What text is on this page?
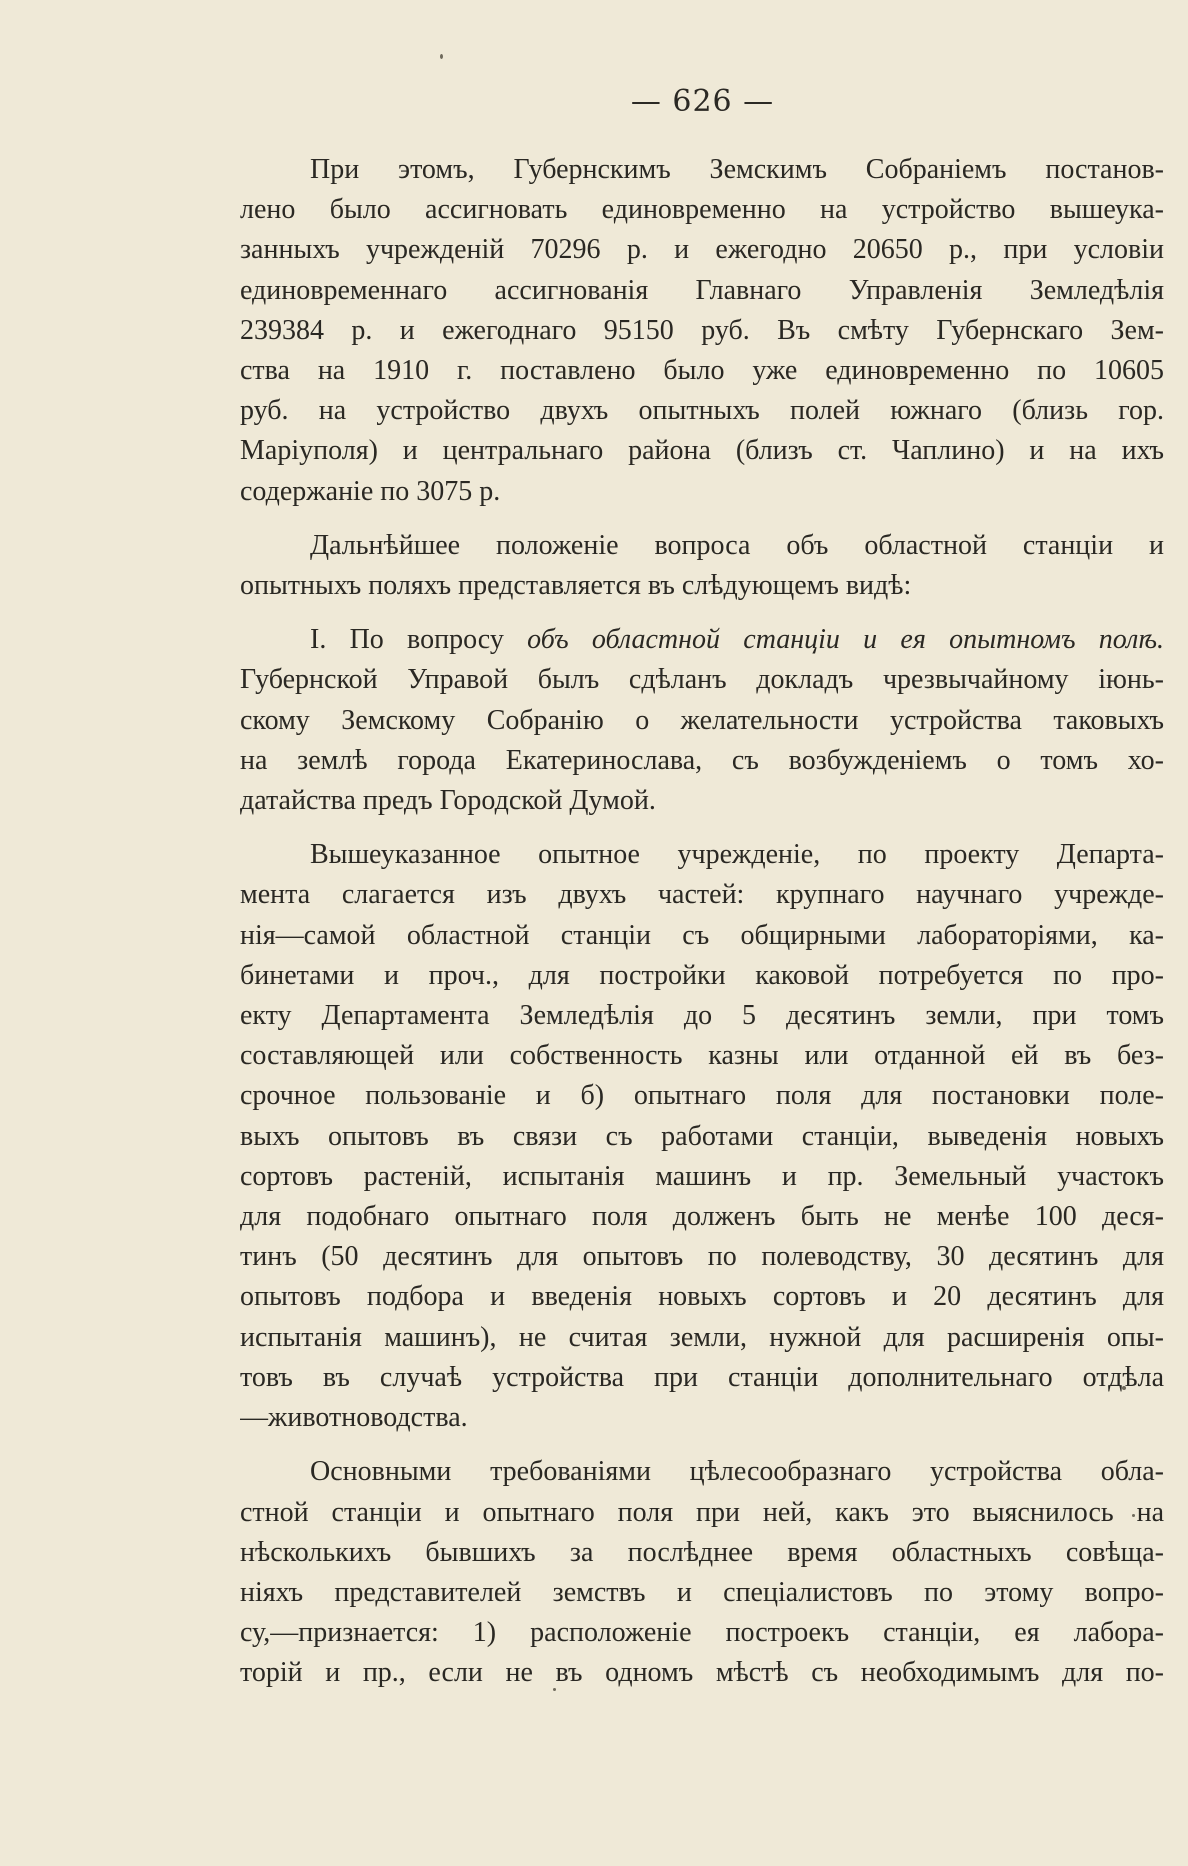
— 626 —
При этомъ, Губернскимъ Земскимъ Собраніемъ постанов-
лено было ассигновать единовременно на устройство вышеука-
занныхъ учрежденій 70296 р. и ежегодно 20650 р., при условіи
единовременнаго ассигнованія Главнаго Управленія Земледѣлія
239384 р. и ежегоднаго 95150 руб. Въ смѣту Губернскаго Зем-
ства на 1910 г. поставлено было уже единовременно по 10605
руб. на устройство двухъ опытныхъ полей южнаго (близь гор.
Маріуполя) и центральнаго района (близъ ст. Чаплино) и на ихъ
содержаніе по 3075 р.
Дальнѣйшее положеніе вопроса объ областной станціи и
опытныхъ поляхъ представляется въ слѣдующемъ видѣ:
I. По вопросу объ областной станціи и ея опытномъ полѣ.
Губернской Управой былъ сдѣланъ докладъ чрезвычайному іюнь-
скому Земскому Собранію о желательности устройства таковыхъ
на землѣ города Екатеринослава, съ возбужденіемъ о томъ хо-
датайства предъ Городской Думой.
Вышеуказанное опытное учрежденіе, по проекту Департа-
мента слагается изъ двухъ частей: крупнаго научнаго учрежде-
нія—самой областной станціи съ общирными лабораторіями, ка-
бинетами и проч., для постройки каковой потребуется по про-
екту Департамента Земледѣлія до 5 десятинъ земли, при томъ
составляющей или собственность казны или отданной ей въ без-
срочное пользованіе и б) опытнаго поля для постановки поле-
выхъ опытовъ въ связи съ работами станціи, выведенія новыхъ
сортовъ растеній, испытанія машинъ и пр. Земельный участокъ
для подобнаго опытнаго поля долженъ быть не менѣе 100 деся-
тинъ (50 десятинъ для опытовъ по полеводству, 30 десятинъ для
опытовъ подбора и введенія новыхъ сортовъ и 20 десятинъ для
испытанія машинъ), не считая земли, нужной для расширенія опы-
товъ въ случаѣ устройства при станціи дополнительнаго отдѣла
—животноводства.
Основными требованіями цѣлесообразнаго устройства обла-
стной станціи и опытнаго поля при ней, какъ это выяснилось на
нѣсколькихъ бывшихъ за послѣднее время областныхъ совѣща-
ніяхъ представителей земствъ и спеціалистовъ по этому вопро-
су,—признается: 1) расположеніе построекъ станціи, ея лабора-
торій и пр., если не въ одномъ мѣстѣ съ необходимымъ для по-
